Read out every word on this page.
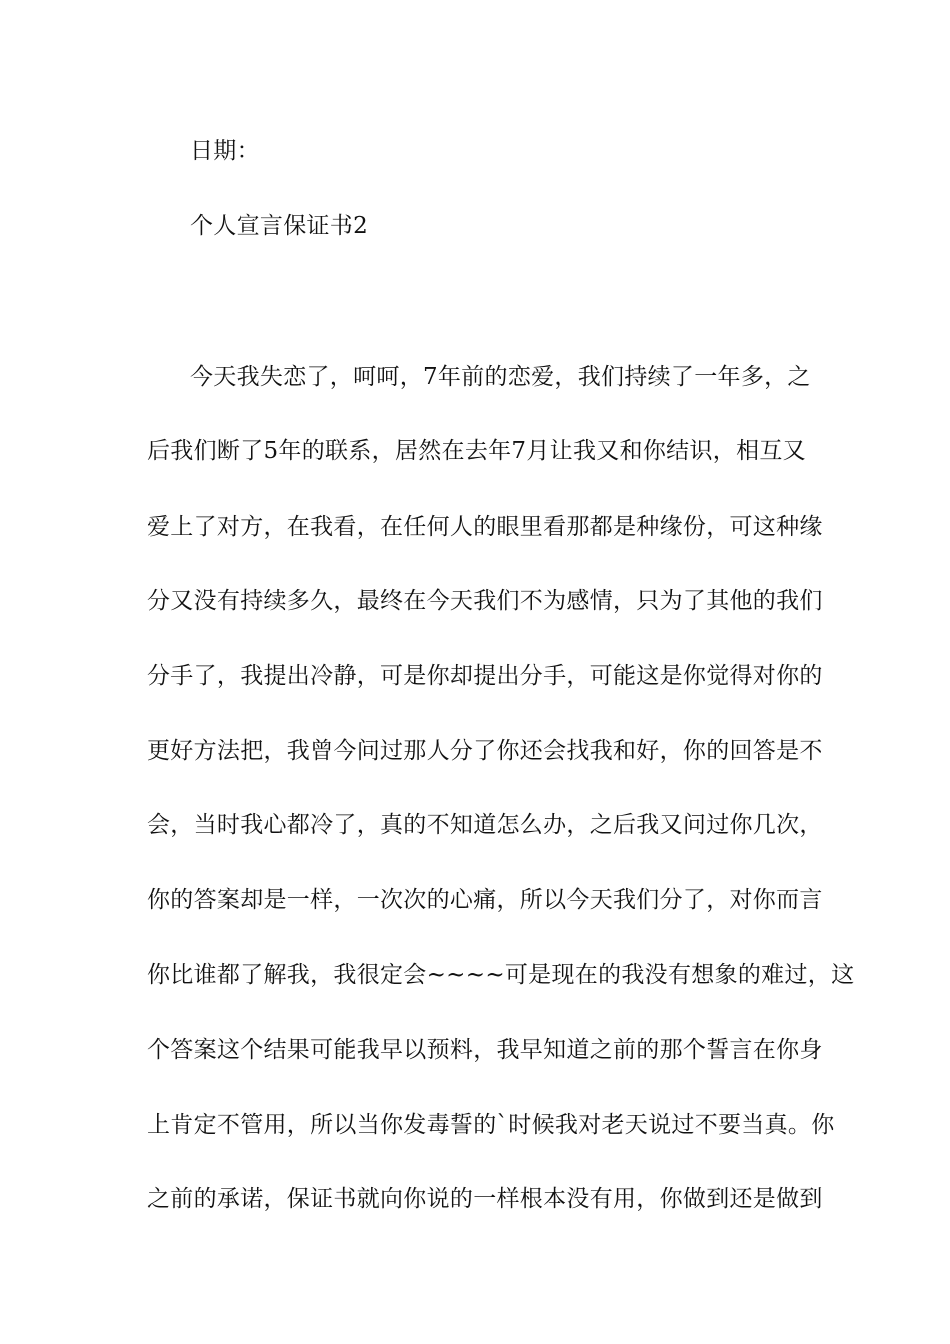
日期：
个人宣言保证书2
今天我失恋了，呵呵，7年前的恋爱，我们持续了一年多，之
后我们断了5年的联系，居然在去年7月让我又和你结识，相互又
爱上了对方，在我看，在任何人的眼里看那都是种缘份，可这种缘
分又没有持续多久，最终在今天我们不为感情，只为了其他的我们
分手了，我提出冷静，可是你却提出分手，可能这是你觉得对你的
更好方法把，我曾今问过那人分了你还会找我和好，你的回答是不
会，当时我心都冷了，真的不知道怎么办，之后我又问过你几次，
你的答案却是一样，一次次的心痛，所以今天我们分了，对你而言
你比谁都了解我，我很定会~~~~可是现在的我没有想象的难过，这
个答案这个结果可能我早以预料，我早知道之前的那个誓言在你身
上肯定不管用，所以当你发毒誓的`时候我对老天说过不要当真。你
之前的承诺，保证书就向你说的一样根本没有用，你做到还是做到
